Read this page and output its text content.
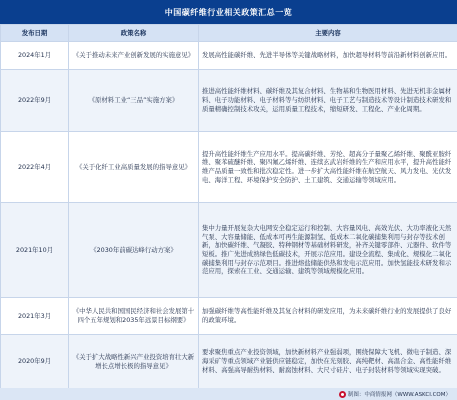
中国碳纤维行业相关政策汇总一览
发布日期	政策名称	主要内容
2024年1月	《关于推动未来产业创新发展的实施意见》	发展高性能碳纤维、先进半导体等关键战略材料，加快超导材料等前沿新材料创新应用。
2022年9月	《原材料工业“三品”实施方案》	推进高性能纤维材料、碳纤维及其复合材料、生物基和生物医用材料、先进无机非金属材料、电子功能材料、电子材料等与纺织材料、电子工艺与制造技术等设计制造技术研发和质量精确控制技术攻关，运用质量工程技术，缩短研发、工程化、产业化周期。
2022年4月	《关于化纤工业高质量发展的指导意见》	提升高性能纤维生产应用水平。提高碳纤维、芳纶、超高分子量聚乙烯纤维、聚酰亚胺纤维、聚苯硫醚纤维、聚四氟乙烯纤维、连续玄武岩纤维的生产和应用水平，提升高性能纤维产品质量一致性和批次稳定性。进一步扩大高性能纤维在航空航天、风力发电、光伏发电、海洋工程、环境保护安全防护、土工建筑、交通运输等领域应用。
2021年10月	《2030年前碳达峰行动方案》	集中力量开展复杂大电网安全稳定运行和控制、大容量风电、高效光伏、大功率液化天然气泵、大容量储能、低成本可再生能源制氢、低成本二氧化碳捕集利用与封存等技术创新，加快碳纤维、气凝胶、特种钢材等基础材料研发，补齐关键零部件、元器件、软件等短板。推广先进成熟绿色低碳技术，开展示范应用。建设全流程、集成化、规模化二氧化碳捕集利用与封存示范项目。推进熔盐储能供热和发电示范应用。加快氢能技术研发和示范应用，探索在工业、交通运输、建筑等领域规模化应用。
2021年3月	《中华人民共和国国民经济和社会发展第十四个五年规划和2035年远景目标纲要》	加强碳纤维等高性能纤维及其复合材料的研发应用，为未来碳纤维行业的发展提供了良好的政策环境。
2020年9月	《关于扩大战略性新兴产业投资培育壮大新增长点增长极的指导意见》	要求聚焦重点产业投资领域，加快新材料产业强弱项，围绕保障大飞机、微电子制造、深海采矿等重点领域产业链供应链稳定，加快在光刻胶、高纯靶材、高温合金、高性能纤维材料、高强高导耐热材料、耐腐蚀材料、大尺寸硅片、电子封装材料等领域实现突破。
制图：中商情报网（WWW.ASKCI.COM）
